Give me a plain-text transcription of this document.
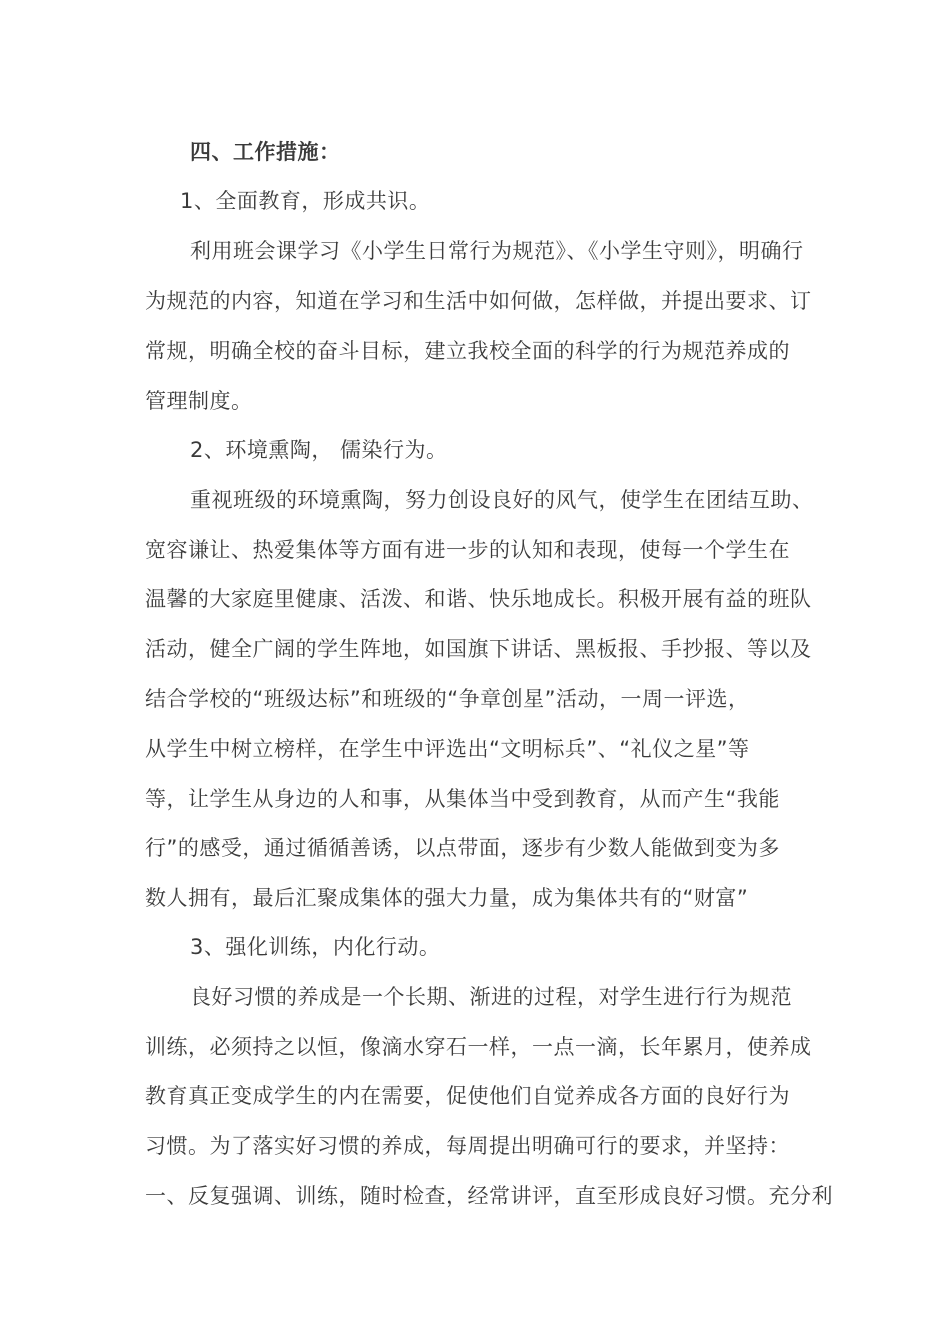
四、工作措施：
1、全面教育，形成共识。
利用班会课学习《小学生日常行为规范》、《小学生守则》，明确行
为规范的内容，知道在学习和生活中如何做，怎样做，并提出要求、订
常规，明确全校的奋斗目标，建立我校全面的科学的行为规范养成的
管理制度。
2、环境熏陶， 儒染行为。
重视班级的环境熏陶，努力创设良好的风气，使学生在团结互助、
宽容谦让、热爱集体等方面有进一步的认知和表现，使每一个学生在
温馨的大家庭里健康、活泼、和谐、快乐地成长。积极开展有益的班队
活动，健全广阔的学生阵地，如国旗下讲话、黑板报、手抄报、等以及
结合学校的“班级达标”和班级的“争章创星”活动，一周一评选，
从学生中树立榜样，在学生中评选出“文明标兵”、“礼仪之星”等
等，让学生从身边的人和事，从集体当中受到教育，从而产生“我能
行”的感受，通过循循善诱，以点带面，逐步有少数人能做到变为多
数人拥有，最后汇聚成集体的强大力量，成为集体共有的“财富”
3、强化训练，内化行动。
良好习惯的养成是一个长期、渐进的过程，对学生进行行为规范
训练，必须持之以恒，像滴水穿石一样，一点一滴，长年累月，使养成
教育真正变成学生的内在需要，促使他们自觉养成各方面的良好行为
习惯。为了落实好习惯的养成，每周提出明确可行的要求，并坚持：
一、反复强调、训练，随时检查，经常讲评，直至形成良好习惯。充分利
